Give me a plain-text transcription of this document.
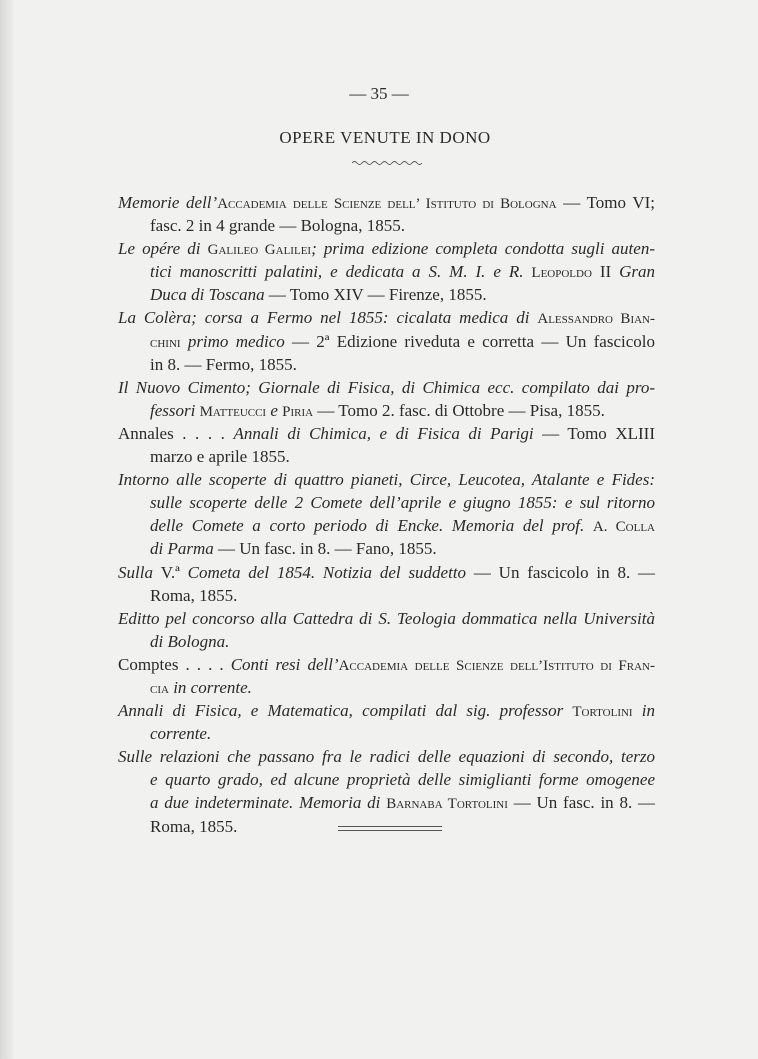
— 35 —
OPERE VENUTE IN DONO
Memorie dell’Accademia delle Scienze dell’ Istituto di Bologna — Tomo VI;
fasc. 2 in 4 grande — Bologna, 1855.
Le opére di Galileo Galilei; prima edizione completa condotta sugli auten-
tici manoscritti palatini, e dedicata a S. M. I. e R. Leopoldo II Gran
Duca di Toscana — Tomo XIV — Firenze, 1855.
La Colèra; corsa a Fermo nel 1855: cicalata medica di Alessandro Bian-
chini primo medico — 2ª Edizione riveduta e corretta — Un fascicolo
in 8. — Fermo, 1855.
Il Nuovo Cimento; Giornale di Fisica, di Chimica ecc. compilato dai pro-
fessori Matteucci e Piria — Tomo 2. fasc. di Ottobre — Pisa, 1855.
Annales . . . . Annali di Chimica, e di Fisica di Parigi — Tomo XLIII
marzo e aprile 1855.
Intorno alle scoperte di quattro pianeti, Circe, Leucotea, Atalante e Fides:
sulle scoperte delle 2 Comete dell’aprile e giugno 1855: e sul ritorno
delle Comete a corto periodo di Encke. Memoria del prof. A. Colla
di Parma — Un fasc. in 8. — Fano, 1855.
Sulla V.ª Cometa del 1854. Notizia del suddetto — Un fascicolo in 8. —
Roma, 1855.
Editto pel concorso alla Cattedra di S. Teologia dommatica nella Università
di Bologna.
Comptes . . . . Conti resi dell’Accademia delle Scienze dell’Istituto di Fran-
cia in corrente.
Annali di Fisica, e Matematica, compilati dal sig. professor Tortolini in
corrente.
Sulle relazioni che passano fra le radici delle equazioni di secondo, terzo
e quarto grado, ed alcune proprietà delle simiglianti forme omogenee
a due indeterminate. Memoria di Barnaba Tortolini — Un fasc. in 8. —
Roma, 1855.
